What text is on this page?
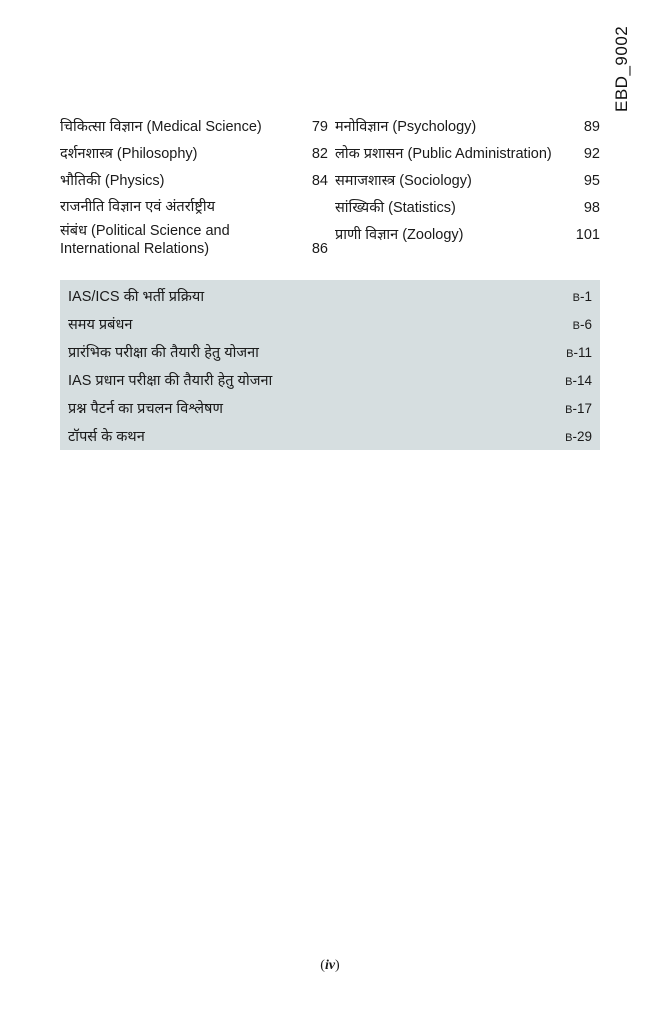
EBD_9002
चिकित्सा विज्ञान (Medical Science)	79
दर्शनशास्त्र (Philosophy)	82
भौतिकी (Physics)	84
राजनीति विज्ञान एवं अंतर्राष्ट्रीय
संबंध (Political Science and
International Relations)	86
मनोविज्ञान (Psychology)	89
लोक प्रशासन (Public Administration)	92
समाजशास्त्र (Sociology)	95
सांख्यिकी (Statistics)	98
प्राणी विज्ञान (Zoology)	101
IAS/ICS की भर्ती प्रक्रिया	B-1
समय प्रबंधन	B-6
प्रारंभिक परीक्षा की तैयारी हेतु योजना	B-11
IAS प्रधान परीक्षा की तैयारी हेतु योजना	B-14
प्रश्न पैटर्न का प्रचलन विश्लेषण	B-17
टॉपर्स के कथन	B-29
(iv)
